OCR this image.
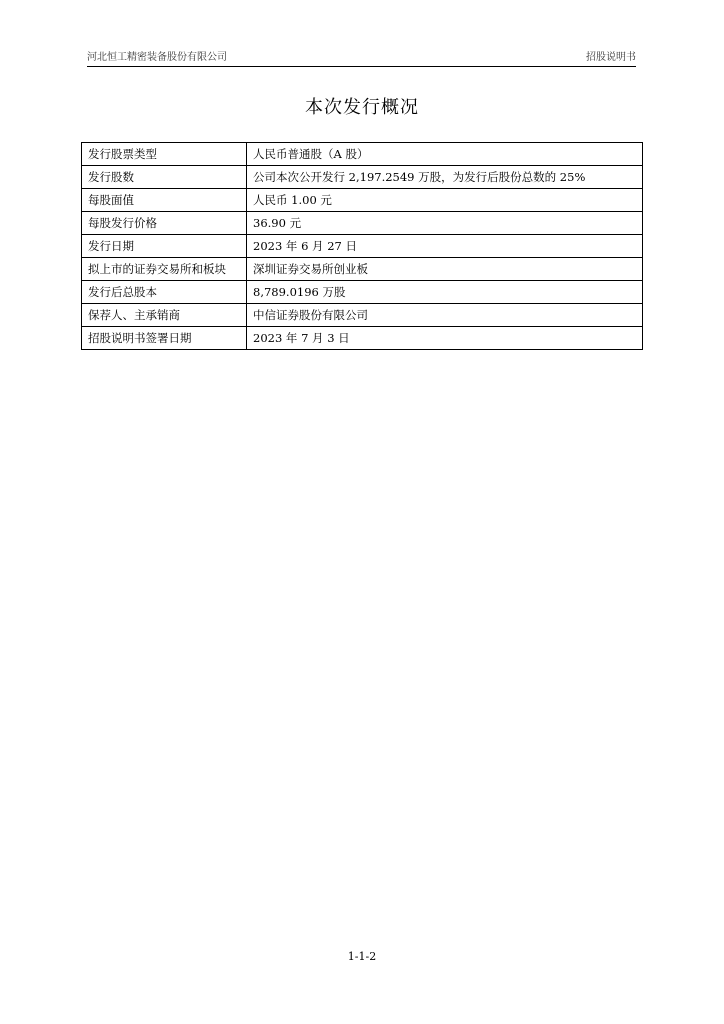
河北恒工精密装备股份有限公司	招股说明书
本次发行概况
发行股票类型	人民币普通股（A 股）
发行股数	公司本次公开发行 2,197.2549 万股，为发行后股份总数的 25%
每股面值	人民币 1.00 元
每股发行价格	36.90 元
发行日期	2023 年 6 月 27 日
拟上市的证券交易所和板块	深圳证券交易所创业板
发行后总股本	8,789.0196 万股
保荐人、主承销商	中信证券股份有限公司
招股说明书签署日期	2023 年 7 月 3 日
1-1-2
